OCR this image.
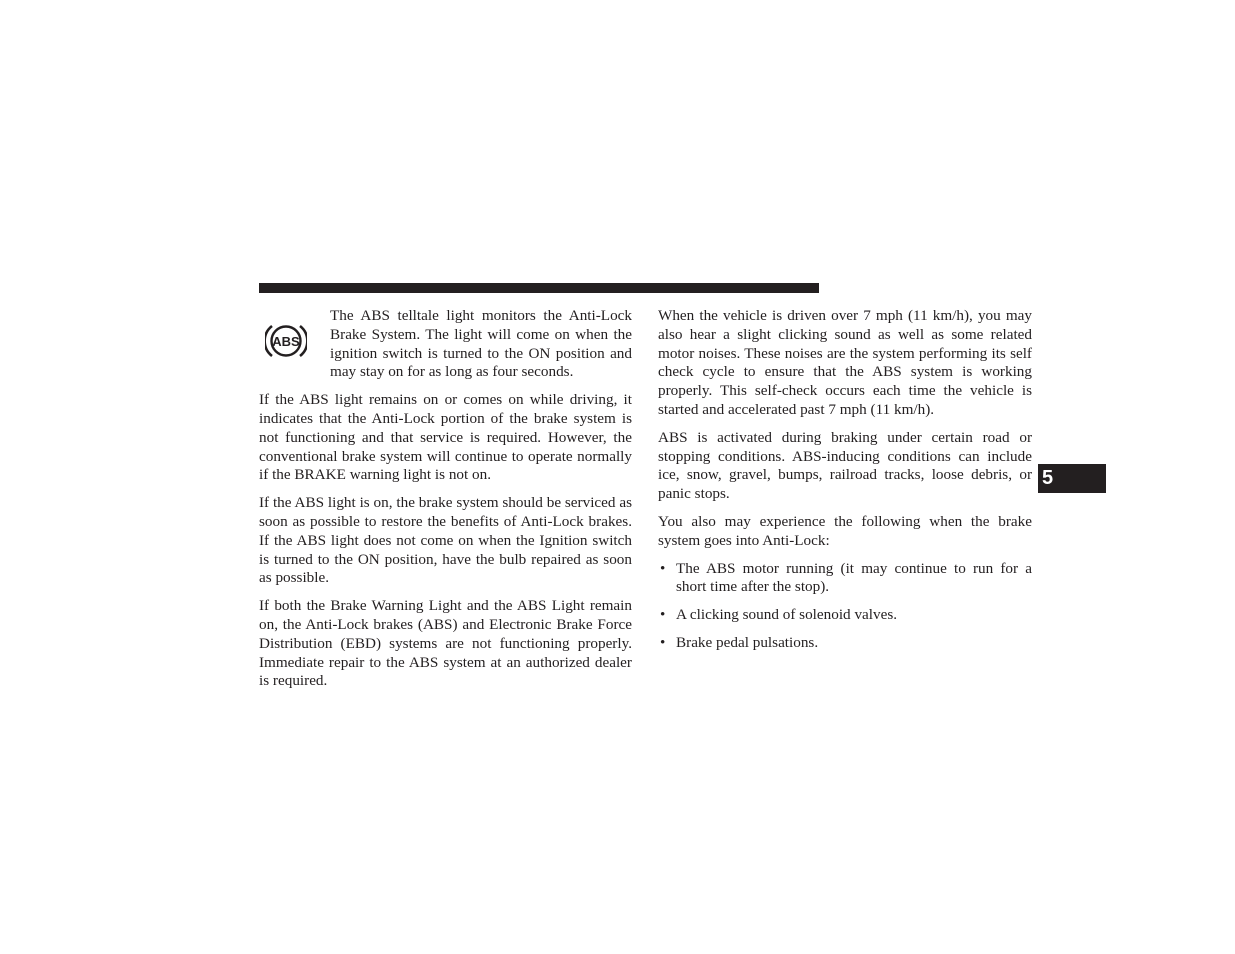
ABS

The ABS telltale light monitors the Anti-Lock Brake System. The light will come on when the ignition switch is turned to the ON position and may stay on for as long as four seconds.

If the ABS light remains on or comes on while driving, it indicates that the Anti-Lock portion of the brake system is not functioning and that service is required. However, the conventional brake system will continue to operate normally if the BRAKE warning light is not on.

If the ABS light is on, the brake system should be serviced as soon as possible to restore the benefits of Anti-Lock brakes. If the ABS light does not come on when the Ignition switch is turned to the ON position, have the bulb repaired as soon as possible.

If both the Brake Warning Light and the ABS Light remain on, the Anti-Lock brakes (ABS) and Electronic Brake Force Distribution (EBD) systems are not functioning properly. Immediate repair to the ABS system at an authorized dealer is required.

When the vehicle is driven over 7 mph (11 km/h), you may also hear a slight clicking sound as well as some related motor noises. These noises are the system performing its self check cycle to ensure that the ABS system is working properly. This self-check occurs each time the vehicle is started and accelerated past 7 mph (11 km/h).

ABS is activated during braking under certain road or stopping conditions. ABS-inducing conditions can include ice, snow, gravel, bumps, railroad tracks, loose debris, or panic stops.

You also may experience the following when the brake system goes into Anti-Lock:

• The ABS motor running (it may continue to run for a short time after the stop).
• A clicking sound of solenoid valves.
• Brake pedal pulsations.
5
